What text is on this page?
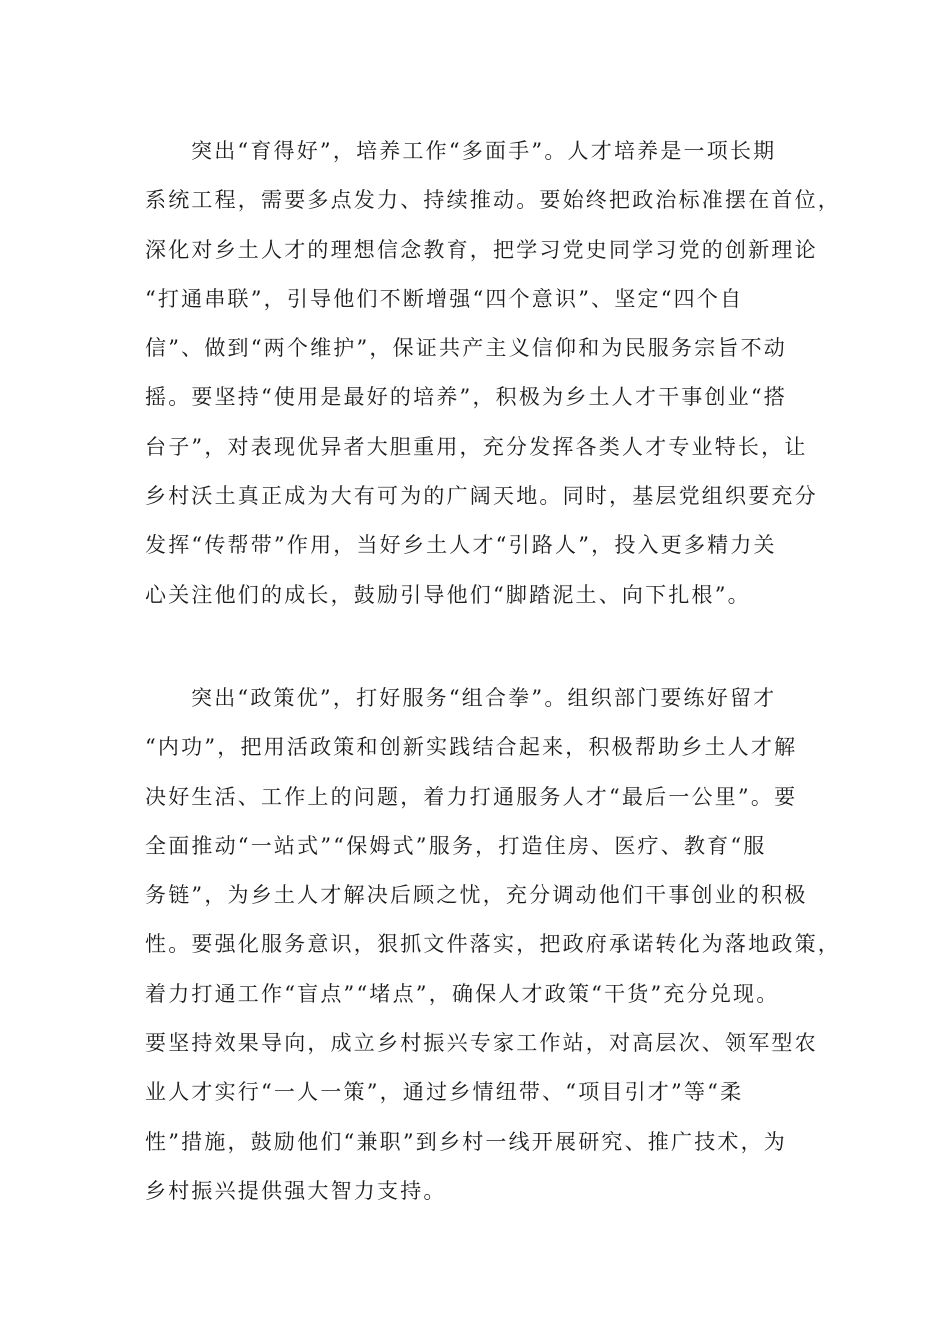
突出“育得好”，培养工作“多面手”。人才培养是一项长期
系统工程，需要多点发力、持续推动。要始终把政治标准摆在首位，
深化对乡土人才的理想信念教育，把学习党史同学习党的创新理论
“打通串联”，引导他们不断增强“四个意识”、坚定“四个自
信”、做到“两个维护”，保证共产主义信仰和为民服务宗旨不动
摇。要坚持“使用是最好的培养”，积极为乡土人才干事创业“搭
台子”，对表现优异者大胆重用，充分发挥各类人才专业特长，让
乡村沃土真正成为大有可为的广阔天地。同时，基层党组织要充分
发挥“传帮带”作用，当好乡土人才“引路人”，投入更多精力关
心关注他们的成长，鼓励引导他们“脚踏泥土、向下扎根”。
突出“政策优”，打好服务“组合拳”。组织部门要练好留才
“内功”，把用活政策和创新实践结合起来，积极帮助乡土人才解
决好生活、工作上的问题，着力打通服务人才“最后一公里”。要
全面推动“一站式”“保姆式”服务，打造住房、医疗、教育“服
务链”，为乡土人才解决后顾之忧，充分调动他们干事创业的积极
性。要强化服务意识，狠抓文件落实，把政府承诺转化为落地政策，
着力打通工作“盲点”“堵点”，确保人才政策“干货”充分兑现。
要坚持效果导向，成立乡村振兴专家工作站，对高层次、领军型农
业人才实行“一人一策”，通过乡情纽带、“项目引才”等“柔
性”措施，鼓励他们“兼职”到乡村一线开展研究、推广技术，为
乡村振兴提供强大智力支持。
